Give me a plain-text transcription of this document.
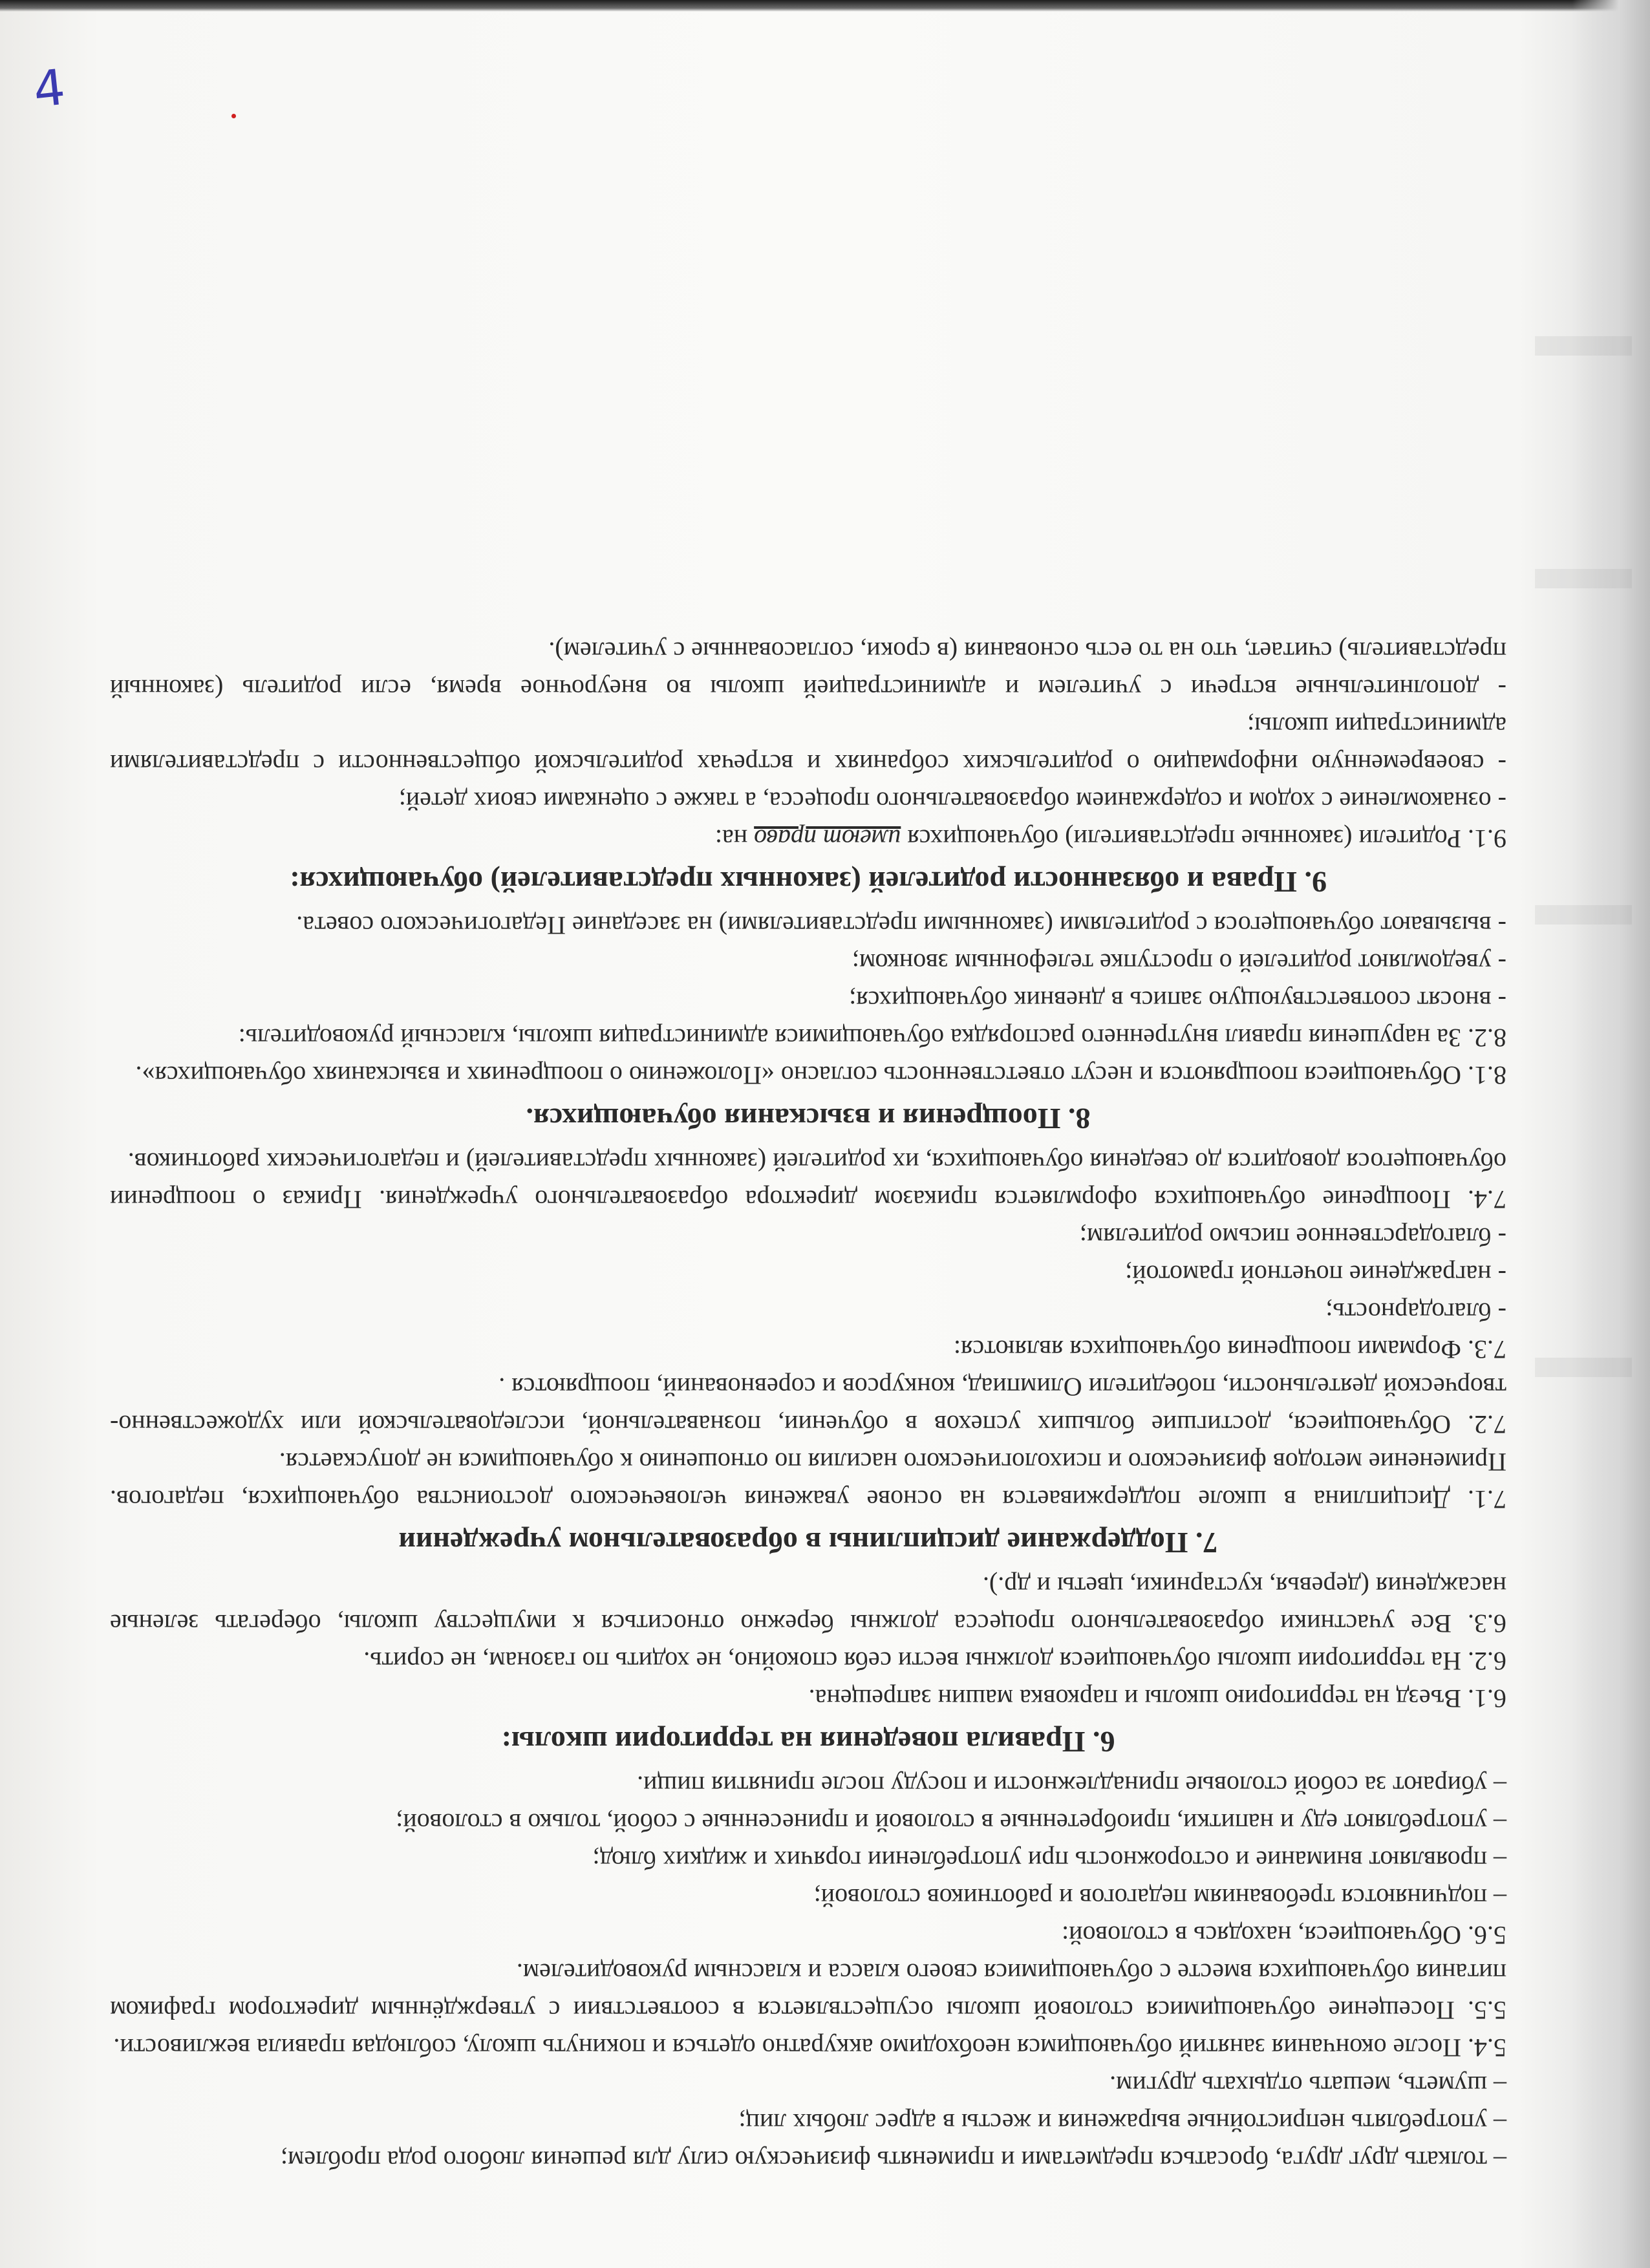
4

– толкать друг друга, бросаться предметами и применять физическую силу для решения любого рода проблем;

– употреблять непристойные выражения и жесты в адрес любых лиц;

– шуметь, мешать отдыхать другим.

5.4. После окончания занятий обучающимся необходимо аккуратно одеться и покинуть школу, соблюдая правила вежливости.

5.5. Посещение обучающимися столовой школы осуществляется в соответствии с утверждённым директором графиком питания обучающихся вместе с обучающимися своего класса и классным руководителем.

5.6. Обучающиеся, находясь в столовой:

– подчиняются требованиям педагогов и работников столовой;

– проявляют внимание и осторожность при употреблении горячих и жидких блюд;

– употребляют еду и напитки, приобретенные в столовой и принесенные с собой, только в столовой;

– убирают за собой столовые принадлежности и посуду после принятия пищи.

6. Правила поведения на территории школы:

6.1. Въезд на территорию школы и парковка машин запрещена.

6.2. На территории школы обучающиеся должны вести себя спокойно, не ходить по газонам, не сорить.

6.3. Все участники образовательного процесса должны бережно относиться к имуществу школы, оберегать зеленые насаждения (деревья, кустарники, цветы и др.).

7. Поддержание дисциплины в образовательном учреждении

7.1. Дисциплина в школе поддерживается на основе уважения человеческого достоинства обучающихся, педагогов. Применение методов физического и психологического насилия по отношению к обучающимся не допускается.

7.2. Обучающиеся, достигшие больших успехов в обучении, познавательной, исследовательской или художественно-творческой деятельности, победители Олимпиад, конкурсов и соревнований, поощряются .

7.3. Формами поощрения обучающихся являются:

- благодарность;

- награждение почетной грамотой;

- благодарственное письмо родителям;

7.4. Поощрение обучающихся оформляется приказом директора образовательного учреждения. Приказ о поощрении обучающегося доводится до сведения обучающихся, их родителей (законных представителей) и педагогических работников.

8. Поощрения и взыскания обучающихся.

8.1. Обучающиеся поощряются и несут ответственность согласно «Положению о поощрениях и взысканиях обучающихся».

8.2. За нарушения правил внутреннего распорядка обучающимися администрация школы, классный руководитель:

- вносят соответствующую запись в дневник обучающихся;

- уведомляют родителей о проступке телефонным звонком;

- вызывают обучающегося с родителями (законными представителями) на заседание Педагогического совета.

9. Права и обязанности родителей (законных представителей) обучающихся:

9.1. Родители (законные представители) обучающихся имеют право на:

- ознакомление с ходом и содержанием образовательного процесса, а также с оценками своих детей;

- своевременную информацию о родительских собраниях и встречах родительской общественности с представителями администрации школы;

- дополнительные встречи с учителем и администрацией школы во внеурочное время, если родитель (законный представитель) считает, что на то есть основания (в сроки, согласованные с учителем).
